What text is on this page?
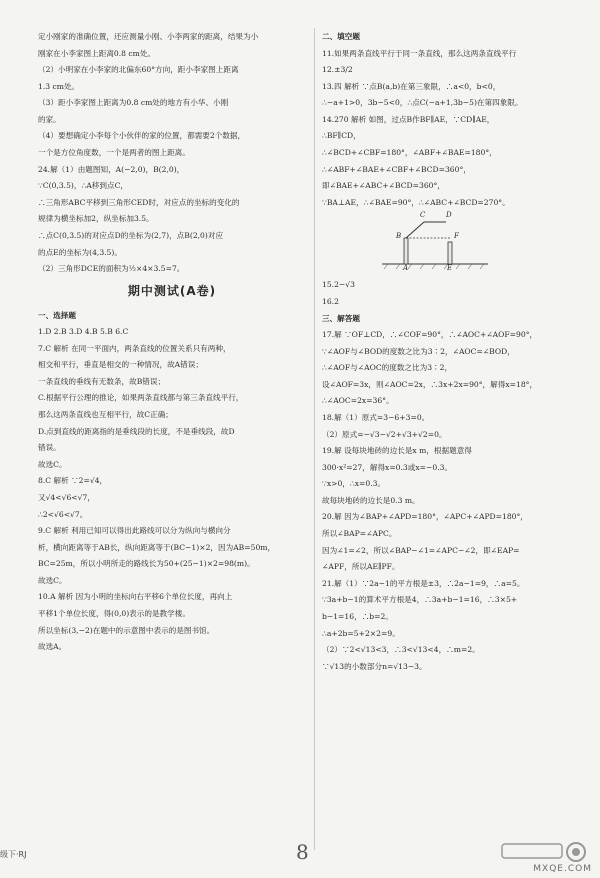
定小刚家的准确位置，还应测量小刚、小李两家的距离，结果为小
刚家在小李家图上距离0.8 cm处。
（2）小明家在小李家的北偏东60°方向，距小李家图上距离
1.3 cm处。
（3）距小李家图上距离为0.8 cm处的地方有小华、小刚
的家。
（4）要想确定小李每个小伙伴的家的位置，都需要2个数据，
一个是方位角度数，一个是两者的图上距离。
24.解（1）由题图知，A(−2,0)，B(2,0)，
∵C(0,3.5)，∴A移到点C，
∴三角形ABC平移到三角形CED时，对应点的坐标的变化的
规律为横坐标加2，纵坐标加3.5。
∴点C(0,3.5)的对应点D的坐标为(2,7)，点B(2,0)对应
的点E的坐标为(4,3.5)。
（2）三角形DCE的面积为½×4×3.5=7。
期中测试(A卷)
一、选择题
1.D 2.B 3.D 4.B 5.B 6.C
7.C 解析 在同一平面内，两条直线的位置关系只有两种，
相交和平行，垂直是相交的一种情况，故A错误；
一条直线的垂线有无数条，故B错误；
C.根据平行公理的推论，如果两条直线都与第三条直线平行，
那么这两条直线也互相平行，故C正确；
D.点到直线的距离指的是垂线段的长度，不是垂线段，故D
错误。
故选C。
8.C 解析 ∵2=√4，
又√4<√6<√7，
∴2<√6<√7。
9.C 解析 利用已知可以得出此路线可以分为纵向与横向分
析，横向距离等于AB长，纵向距离等于(BC−1)×2，因为AB=50m，
BC=25m，所以小明所走的路线长为50+(25−1)×2=98(m)。
故选C。
10.A 解析 因为小明的坐标向右平移6个单位长度，再向上
平移1个单位长度，得(0,0)表示的是教学楼。
所以坐标(3,−2)在题中的示意图中表示的是图书馆。
故选A。
二、填空题
11.如果两条直线平行于同一条直线，那么这两条直线平行
12.±3/2
13.四 解析 ∵点B(a,b)在第三象限，∴a<0，b<0，
∴−a+1>0，3b−5<0，∴点C(−a+1,3b−5)在第四象限。
14.270 解析 如图，过点B作BF∥AE，∵CD∥AE，
∴BF∥CD，
∴∠BCD+∠CBF=180°，∠ABF+∠BAE=180°，
∴∠ABF+∠BAE+∠CBF+∠BCD=360°，
即∠BAE+∠ABC+∠BCD=360°，
∵BA⊥AE，∴∠BAE=90°，∴∠ABC+∠BCD=270°。
C	D
B	F
A	E
15.2−√3
16.2
三、解答题
17.解 ∵OF⊥CD，∴∠COF=90°，∴∠AOC+∠AOF=90°，
∵∠AOF与∠BOD的度数之比为3∶2，∠AOC=∠BOD，
∴∠AOF与∠AOC的度数之比为3∶2，
设∠AOF=3x，则∠AOC=2x，∴3x+2x=90°，解得x=18°，
∴∠AOC=2x=36°。
18.解（1）原式=3−6+3=0。
（2）原式=−√3−√2+√3+√2=0。
19.解 设每块地砖的边长是x m，根据题意得
300·x²=27，解得x=0.3或x=−0.3。
∵x>0，∴x=0.3。
故每块地砖的边长是0.3 m。
20.解 因为∠BAP+∠APD=180°，∠APC+∠APD=180°，
所以∠BAP=∠APC。
因为∠1=∠2，所以∠BAP−∠1=∠APC−∠2，即∠EAP=
∠APF，所以AE∥PF。
21.解（1）∵2a−1的平方根是±3，∴2a−1=9，∴a=5。
∵3a+b−1的算术平方根是4，∴3a+b−1=16，∴3×5+
b−1=16，∴b=2。
∴a+2b=5+2×2=9。
（2）∵2<√13<3，∴3<√13<4，∴m=2。
∵√13的小数部分n=√13−3。
级下·RJ	8
MXQE.COM
